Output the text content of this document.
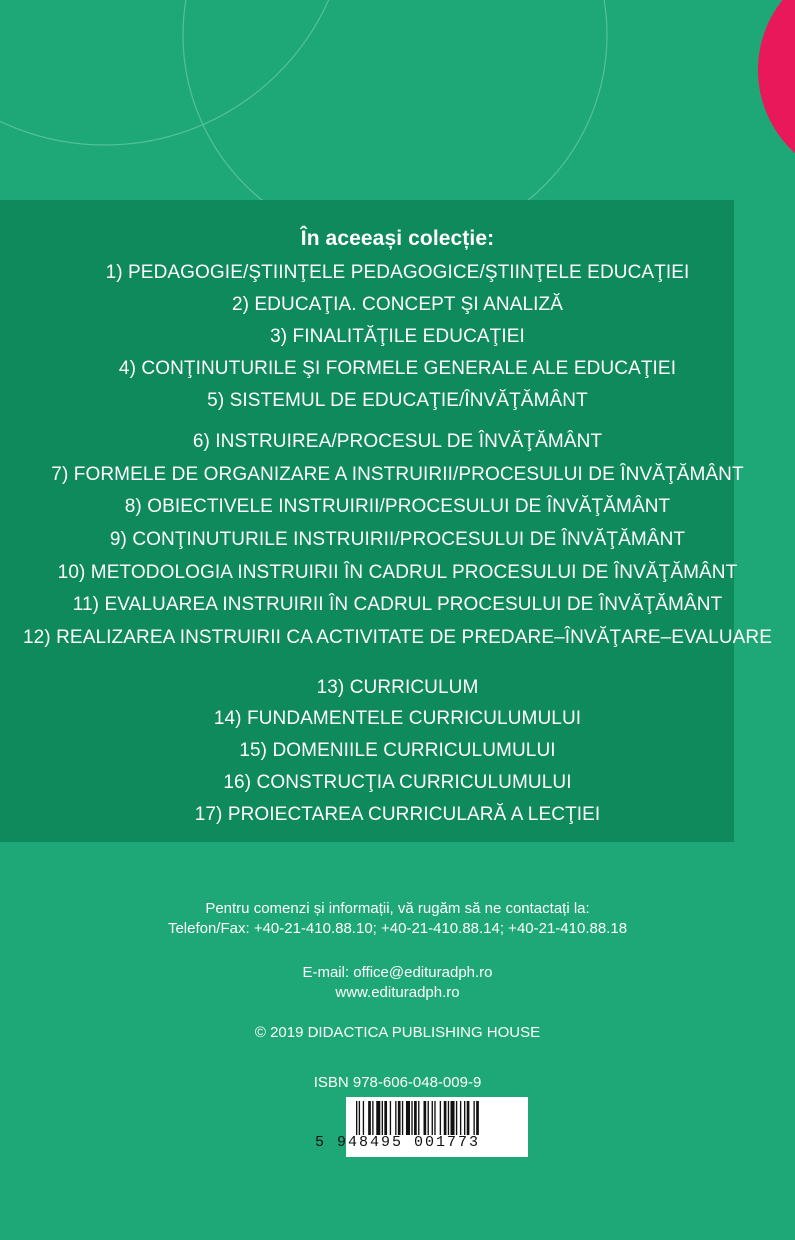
În aceeași colecție:
1) PEDAGOGIE/ŞTIINŢELE PEDAGOGICE/ŞTIINŢELE EDUCAŢIEI
2) EDUCAŢIA. CONCEPT ŞI ANALIZĂ
3) FINALITĂŢILE EDUCAŢIEI
4) CONŢINUTURILE ŞI FORMELE GENERALE ALE EDUCAŢIEI
5) SISTEMUL DE EDUCAŢIE/ÎNVĂŢĂMÂNT
6) INSTRUIREA/PROCESUL DE ÎNVĂŢĂMÂNT
7) FORMELE DE ORGANIZARE A INSTRUIRII/PROCESULUI DE ÎNVĂŢĂMÂNT
8) OBIECTIVELE INSTRUIRII/PROCESULUI DE ÎNVĂŢĂMÂNT
9) CONŢINUTURILE INSTRUIRII/PROCESULUI DE ÎNVĂŢĂMÂNT
10) METODOLOGIA INSTRUIRII ÎN CADRUL PROCESULUI DE ÎNVĂŢĂMÂNT
11) EVALUAREA INSTRUIRII ÎN CADRUL PROCESULUI DE ÎNVĂŢĂMÂNT
12) REALIZAREA INSTRUIRII CA ACTIVITATE DE PREDARE–ÎNVĂŢARE–EVALUARE
13) CURRICULUM
14) FUNDAMENTELE CURRICULUMULUI
15) DOMENIILE CURRICULUMULUI
16) CONSTRUCŢIA CURRICULUMULUI
17) PROIECTAREA CURRICULARĂ A LECŢIEI
Pentru comenzi și informații, vă rugăm să ne contactați la:
Telefon/Fax: +40-21-410.88.10; +40-21-410.88.14; +40-21-410.88.18
E-mail: office@edituradph.ro
www.edituradph.ro
© 2019 DIDACTICA PUBLISHING HOUSE
ISBN 978-606-048-009-9
5 948495 001773
